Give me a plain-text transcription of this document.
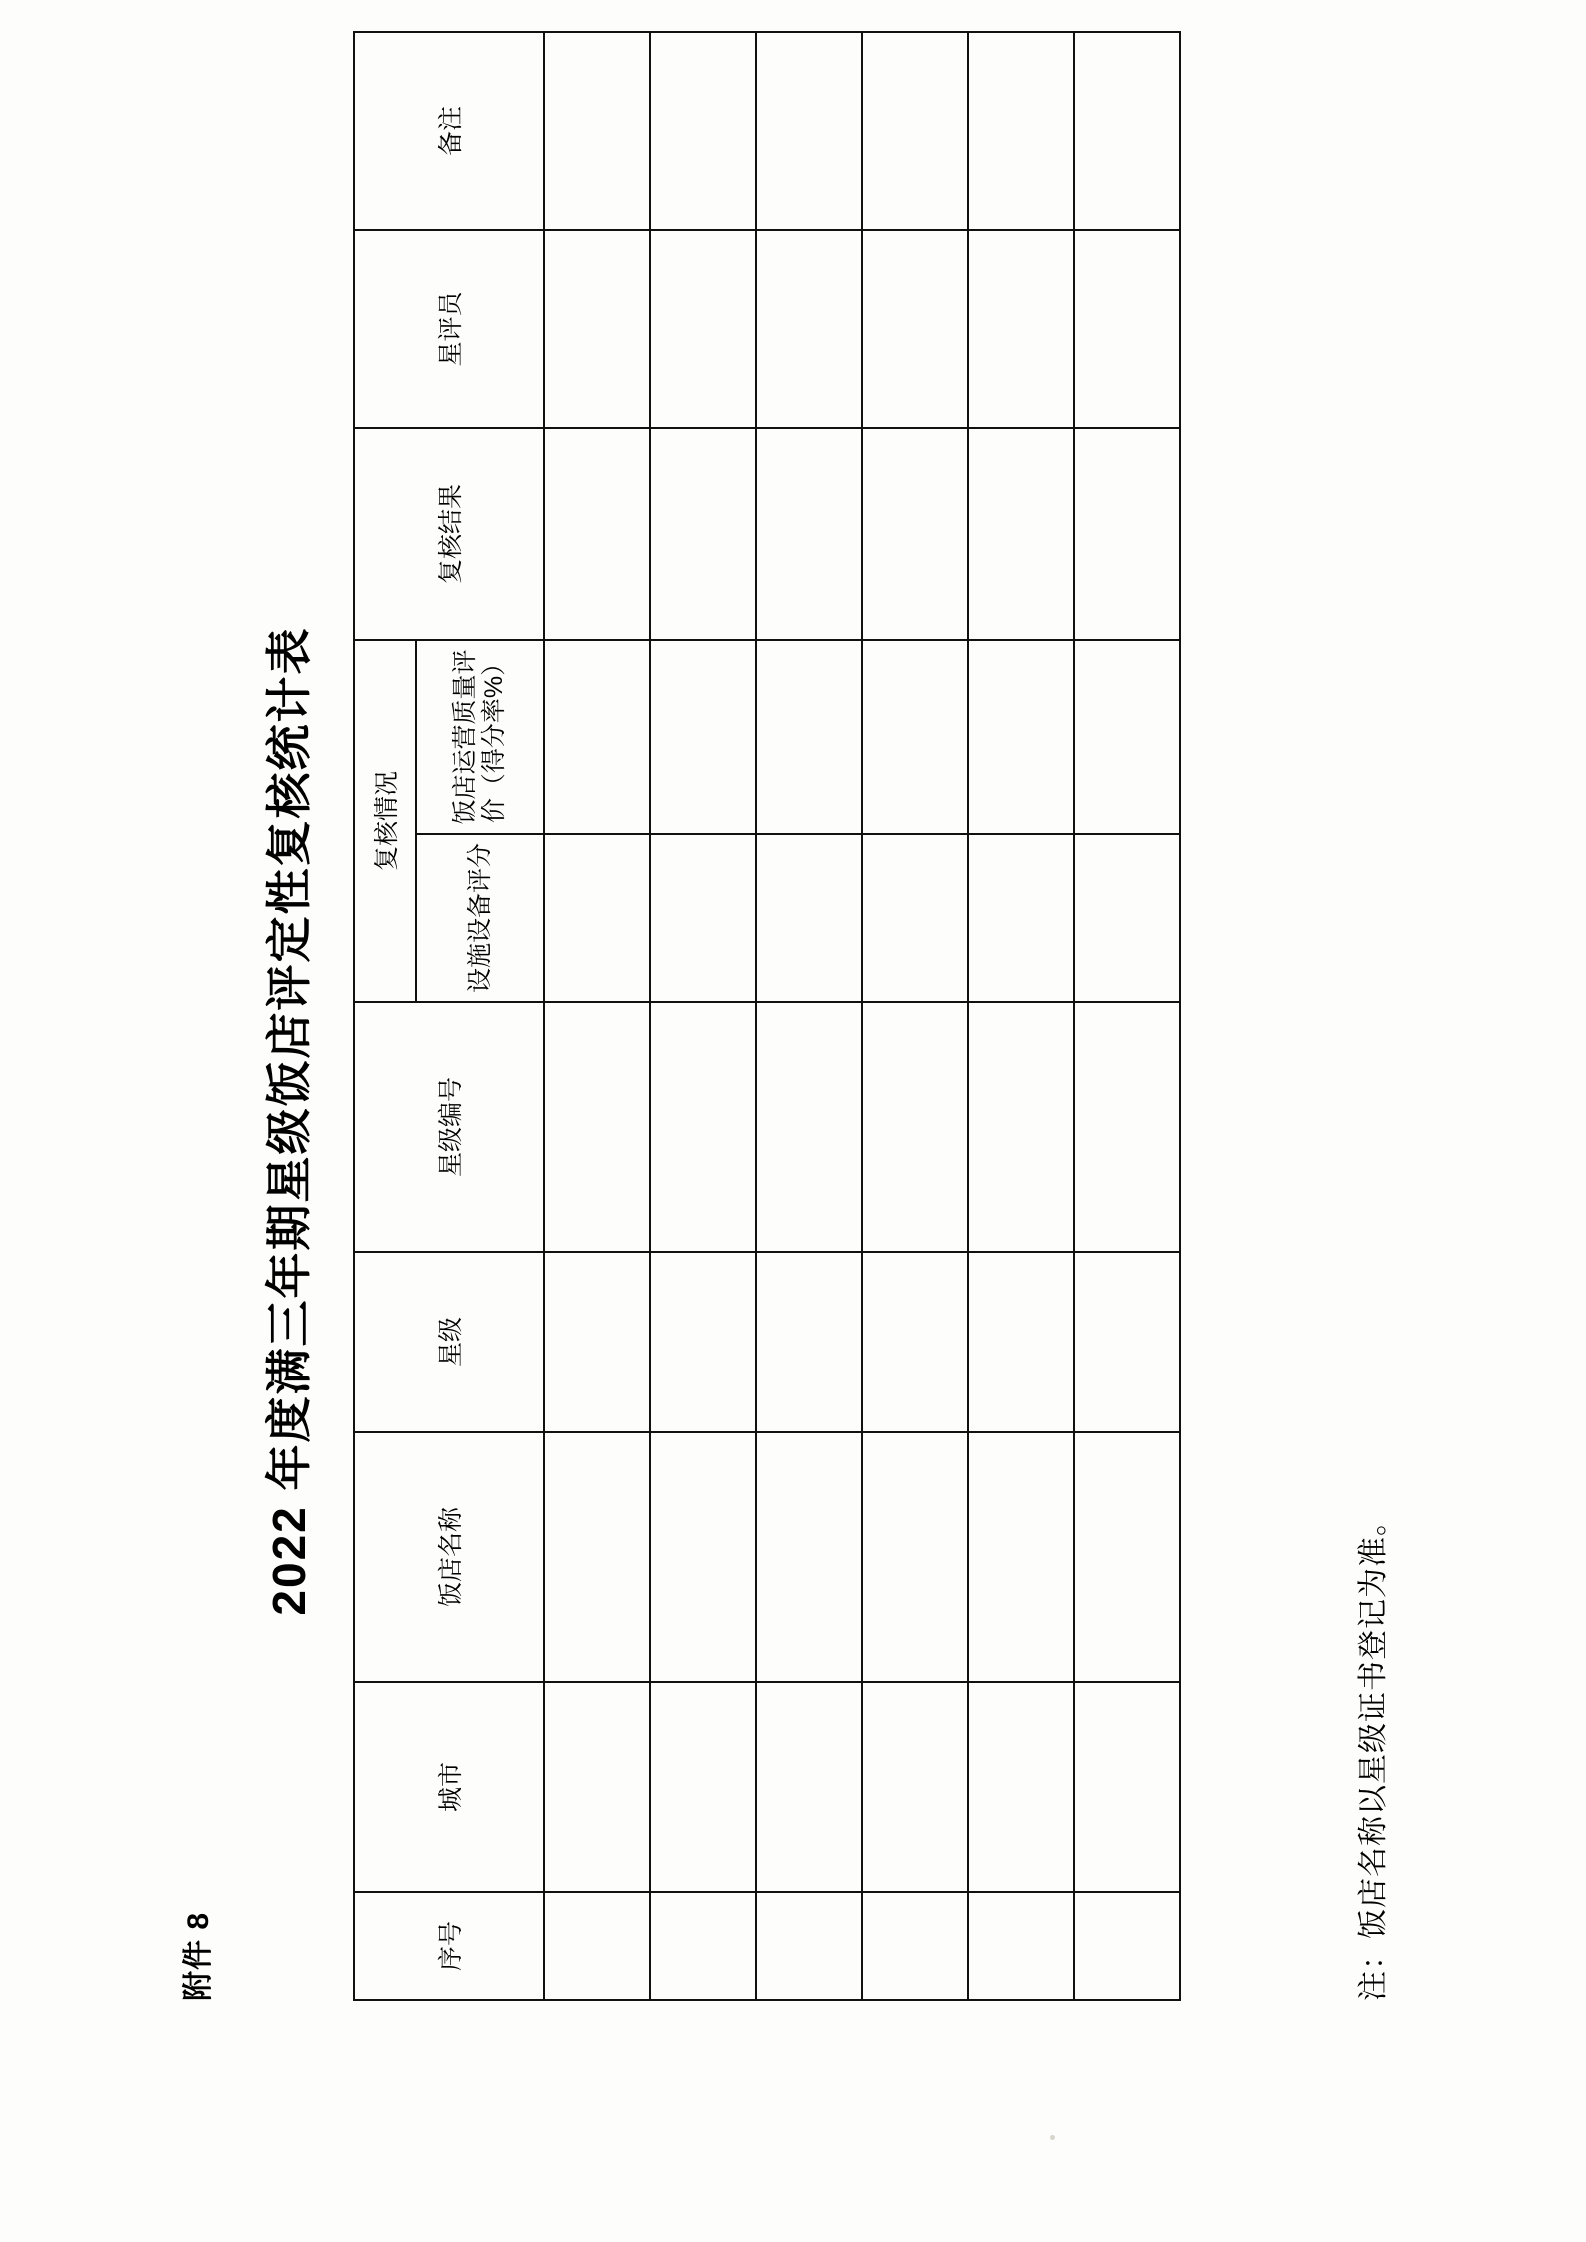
附件 8
2022 年度满三年期星级饭店评定性复核统计表
序号	城市	饭店名称	星级	星级编号	复核情况		复核结果	星评员	备注
					设施设备评分	饭店运营质量评价（得分率%）			

注：饭店名称以星级证书登记为准。
